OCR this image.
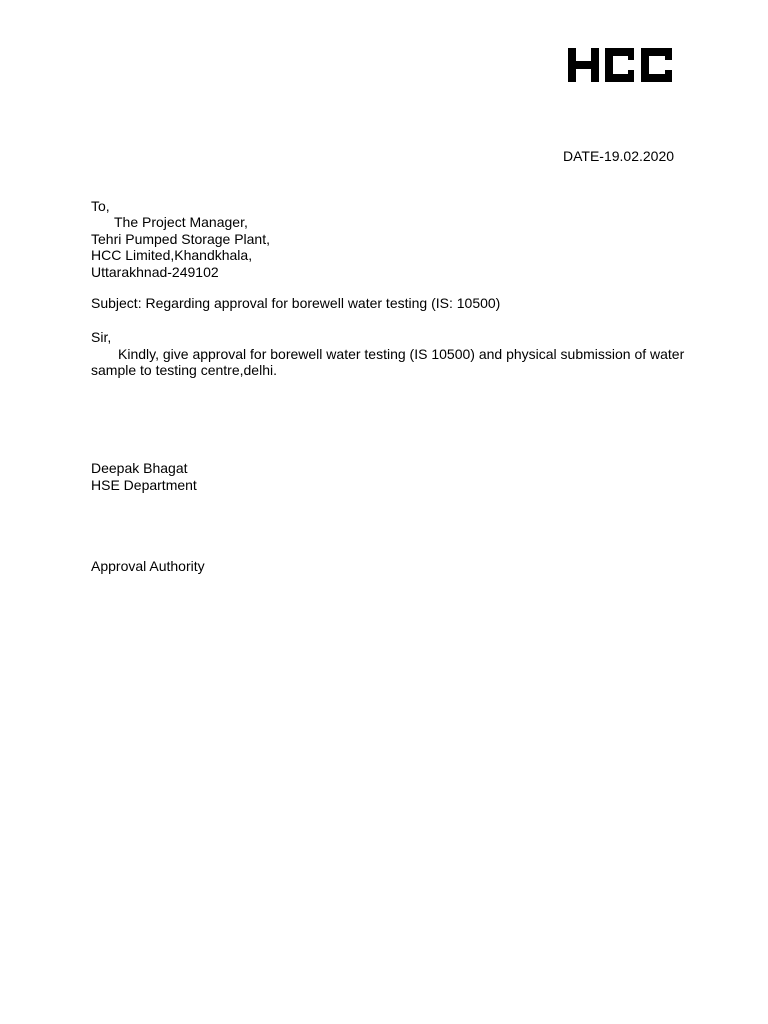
DATE-19.02.2020

To,
The Project Manager,
Tehri Pumped Storage Plant,
HCC Limited,Khandkhala,
Uttarakhnad-249102

Subject: Regarding approval for borewell water testing (IS: 10500)

Sir,

Kindly, give approval for borewell water testing (IS 10500) and physical submission of water
sample to testing centre,delhi.

Deepak Bhagat

HSE Department

Approval Authority
